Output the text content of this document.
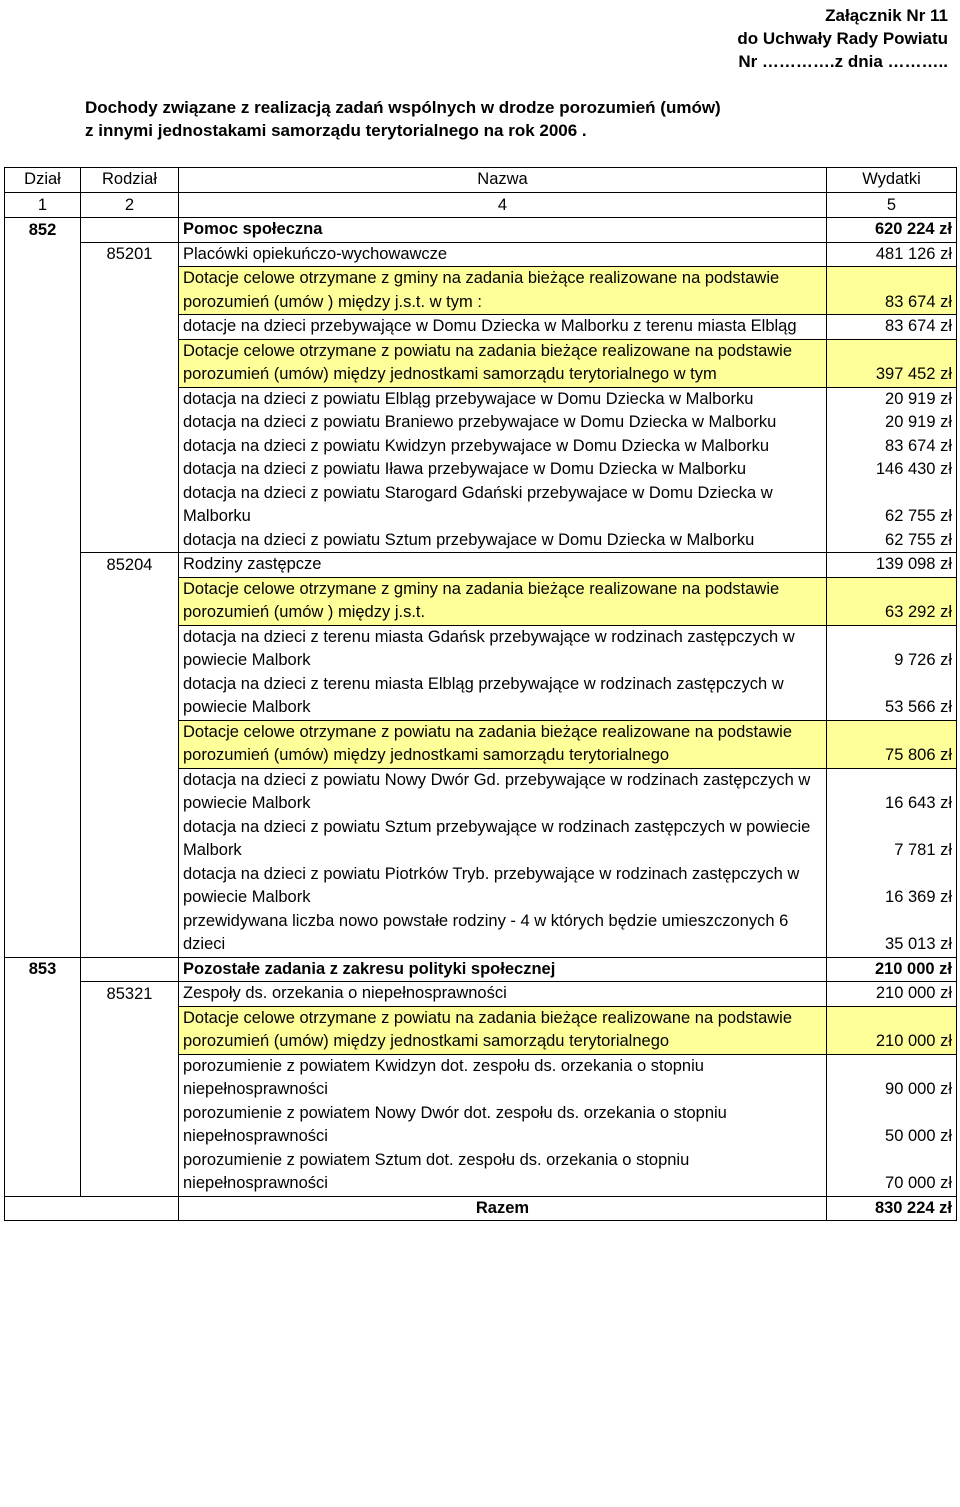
Załącznik Nr 11
do Uchwały Rady Powiatu
Nr ………….z dnia ………..
Dochody związane z realizacją zadań wspólnych w drodze porozumień (umów)
z innymi jednostakami samorządu terytorialnego na rok 2006 .
Dział	Rodział	Nazwa	Wydatki
1	2	4	5
852		Pomoc społeczna	620 224 zł
	85201	Placówki opiekuńczo-wychowawcze	481 126 zł
		Dotacje celowe otrzymane z gminy na zadania bieżące realizowane na podstawie porozumień (umów ) między j.s.t. w tym :	83 674 zł
		dotacje na dzieci przebywające w Domu Dziecka w Malborku z terenu miasta Elbląg	83 674 zł
		Dotacje celowe otrzymane z powiatu na zadania bieżące realizowane na podstawie porozumień (umów) między jednostkami samorządu terytorialnego w tym	397 452 zł
		dotacja na dzieci z powiatu Elbląg przebywajace w Domu Dziecka w Malborku	20 919 zł
		dotacja na dzieci z powiatu Braniewo przebywajace w Domu Dziecka w Malborku	20 919 zł
		dotacja na dzieci z powiatu Kwidzyn przebywajace w Domu Dziecka w Malborku	83 674 zł
		dotacja na dzieci z powiatu Iława przebywajace w Domu Dziecka w Malborku	146 430 zł
		dotacja na dzieci z powiatu Starogard Gdański przebywajace w Domu Dziecka w Malborku	62 755 zł
		dotacja na dzieci z powiatu Sztum przebywajace w Domu Dziecka w Malborku	62 755 zł
	85204	Rodziny zastępcze	139 098 zł
		Dotacje celowe otrzymane z gminy na zadania bieżące realizowane na podstawie porozumień (umów ) między j.s.t.	63 292 zł
		dotacja na dzieci z terenu miasta Gdańsk przebywające w rodzinach zastępczych w powiecie Malbork	9 726 zł
		dotacja na dzieci z terenu miasta Elbląg przebywające w rodzinach zastępczych w powiecie Malbork	53 566 zł
		Dotacje celowe otrzymane z powiatu na zadania bieżące realizowane na podstawie porozumień (umów) między jednostkami samorządu terytorialnego	75 806 zł
		dotacja na dzieci z powiatu Nowy Dwór Gd. przebywające w rodzinach zastępczych w powiecie Malbork	16 643 zł
		dotacja na dzieci z powiatu Sztum przebywające w rodzinach zastępczych w powiecie Malbork	7 781 zł
		dotacja na dzieci z powiatu Piotrków Tryb. przebywające w rodzinach zastępczych w powiecie Malbork	16 369 zł
		przewidywana liczba nowo powstałe rodziny - 4 w których będzie umieszczonych 6 dzieci	35 013 zł
853		Pozostałe zadania z zakresu polityki społecznej	210 000 zł
	85321	Zespoły ds. orzekania o niepełnosprawności	210 000 zł
		Dotacje celowe otrzymane z powiatu na zadania bieżące realizowane na podstawie porozumień (umów) między jednostkami samorządu terytorialnego	210 000 zł
		porozumienie z powiatem Kwidzyn dot. zespołu ds. orzekania o stopniu niepełnosprawności	90 000 zł
		porozumienie z powiatem Nowy Dwór dot. zespołu ds. orzekania o stopniu niepełnosprawności	50 000 zł
		porozumienie z powiatem Sztum dot. zespołu ds. orzekania o stopniu niepełnosprawności	70 000 zł
		Razem	830 224 zł
